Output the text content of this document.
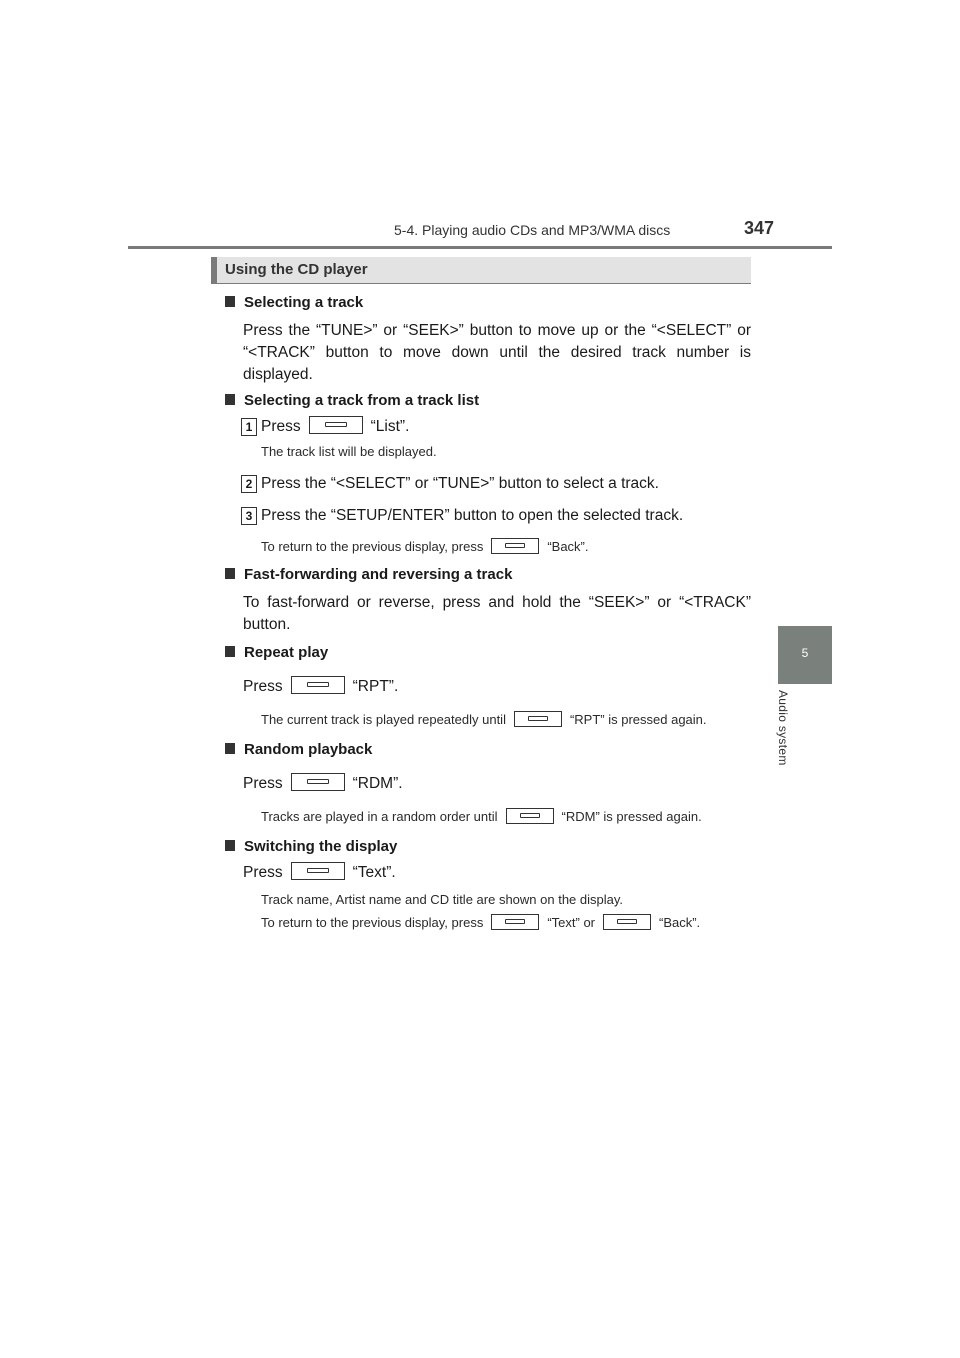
5-4. Playing audio CDs and MP3/WMA discs	347
5
Audio system
Using the CD player
Selecting a track
Press the “TUNE>” or “SEEK>” button to move up or the “<SELECT” or “<TRACK” button to move down until the desired track number is displayed.
Selecting a track from a track list
1 Press	“List”.
The track list will be displayed.
2 Press the “<SELECT” or “TUNE>” button to select a track.
3 Press the “SETUP/ENTER” button to open the selected track.
To return to the previous display, press	“Back”.
Fast-forwarding and reversing a track
To fast-forward or reverse, press and hold the “SEEK>” or “<TRACK” button.
Repeat play
Press	“RPT”.
The current track is played repeatedly until	“RPT” is pressed again.
Random playback
Press	“RDM”.
Tracks are played in a random order until	“RDM” is pressed again.
Switching the display
Press	“Text”.
Track name, Artist name and CD title are shown on the display.
To return to the previous display, press	“Text” or	“Back”.
